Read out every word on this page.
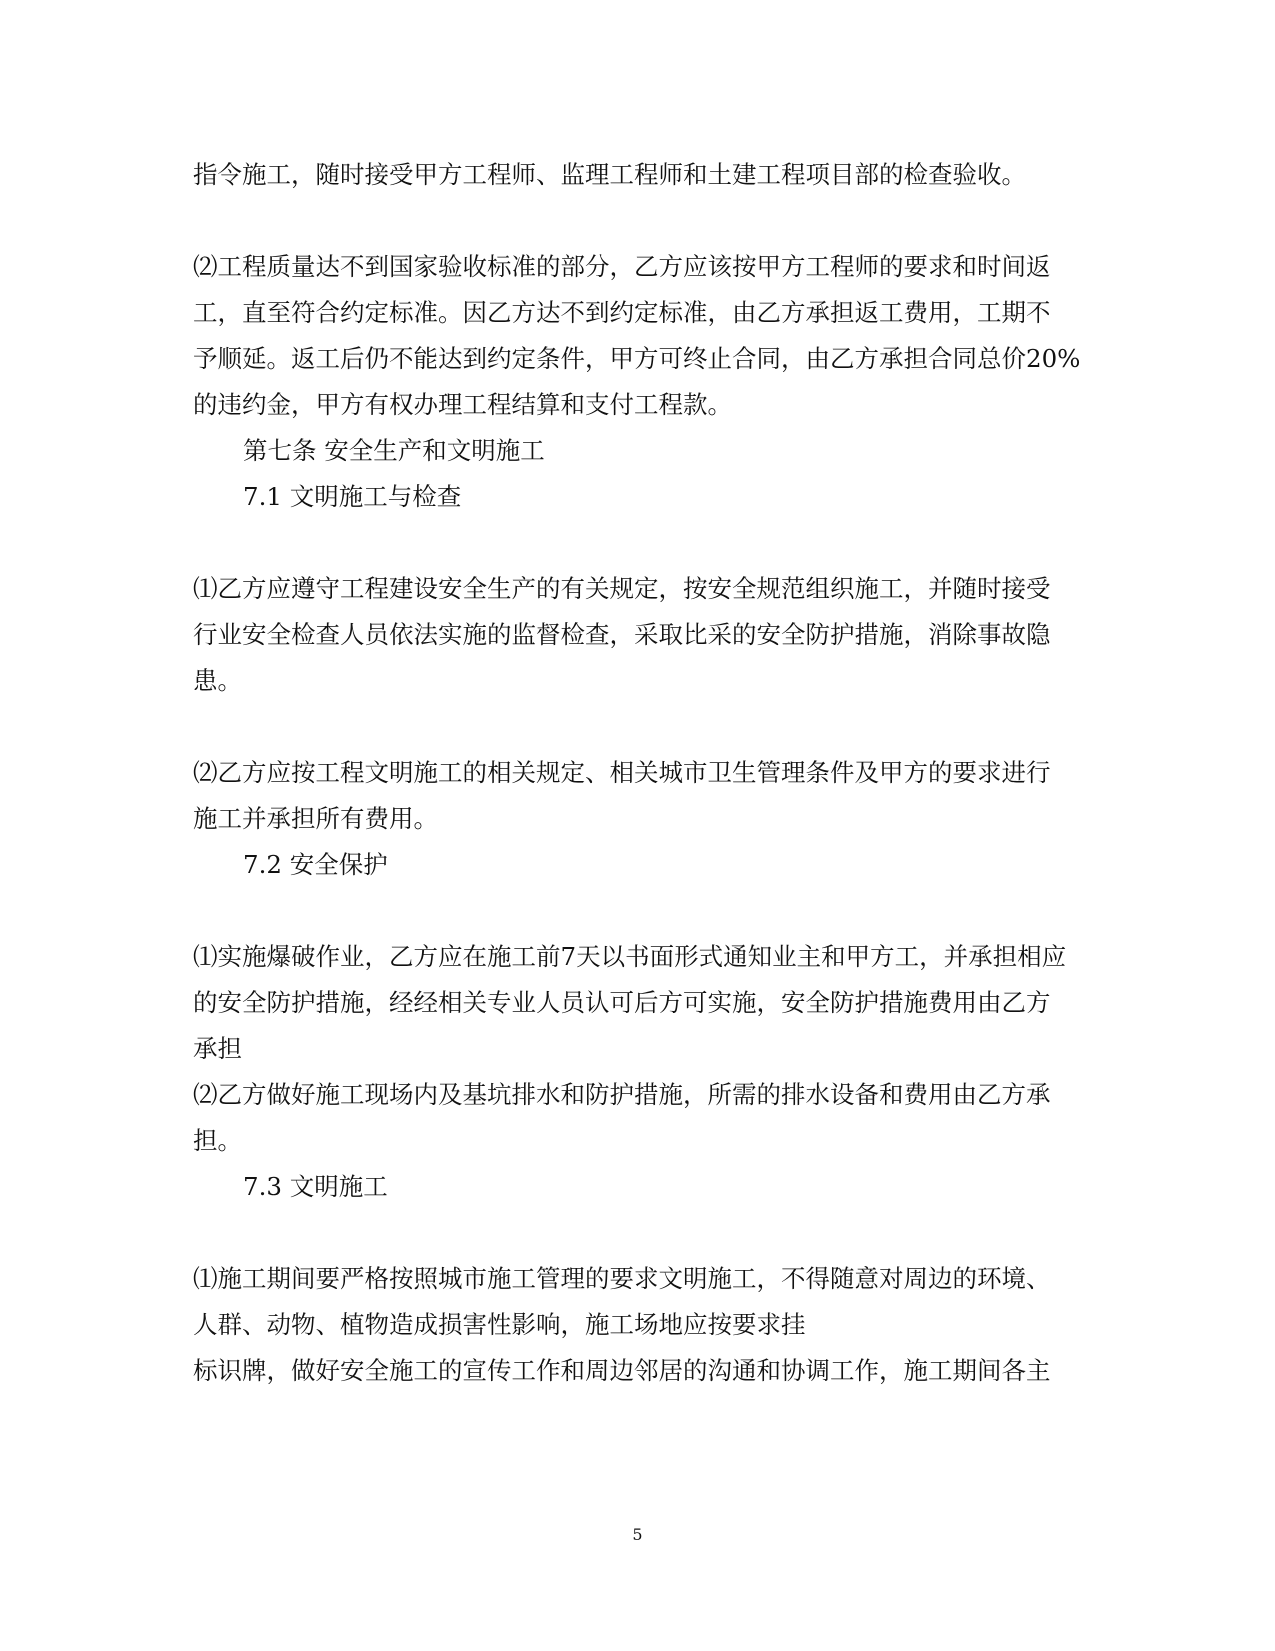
指令施工，随时接受甲方工程师、监理工程师和土建工程项目部的检查验收。

⑵工程质量达不到国家验收标准的部分，乙方应该按甲方工程师的要求和时间返

工，直至符合约定标准。因乙方达不到约定标准，由乙方承担返工费用，工期不

予顺延。返工后仍不能达到约定条件，甲方可终止合同，由乙方承担合同总价20%

的违约金，甲方有权办理工程结算和支付工程款。

第七条 安全生产和文明施工

7.1 文明施工与检查

⑴乙方应遵守工程建设安全生产的有关规定，按安全规范组织施工，并随时接受

行业安全检查人员依法实施的监督检查，采取比采的安全防护措施，消除事故隐

患。

⑵乙方应按工程文明施工的相关规定、相关城市卫生管理条件及甲方的要求进行

施工并承担所有费用。

7.2 安全保护

⑴实施爆破作业，乙方应在施工前7天以书面形式通知业主和甲方工，并承担相应

的安全防护措施，经经相关专业人员认可后方可实施，安全防护措施费用由乙方

承担

⑵乙方做好施工现场内及基坑排水和防护措施，所需的排水设备和费用由乙方承

担。

7.3 文明施工

⑴施工期间要严格按照城市施工管理的要求文明施工，不得随意对周边的环境、

人群、动物、植物造成损害性影响，施工场地应按要求挂

标识牌，做好安全施工的宣传工作和周边邻居的沟通和协调工作，施工期间各主

5
